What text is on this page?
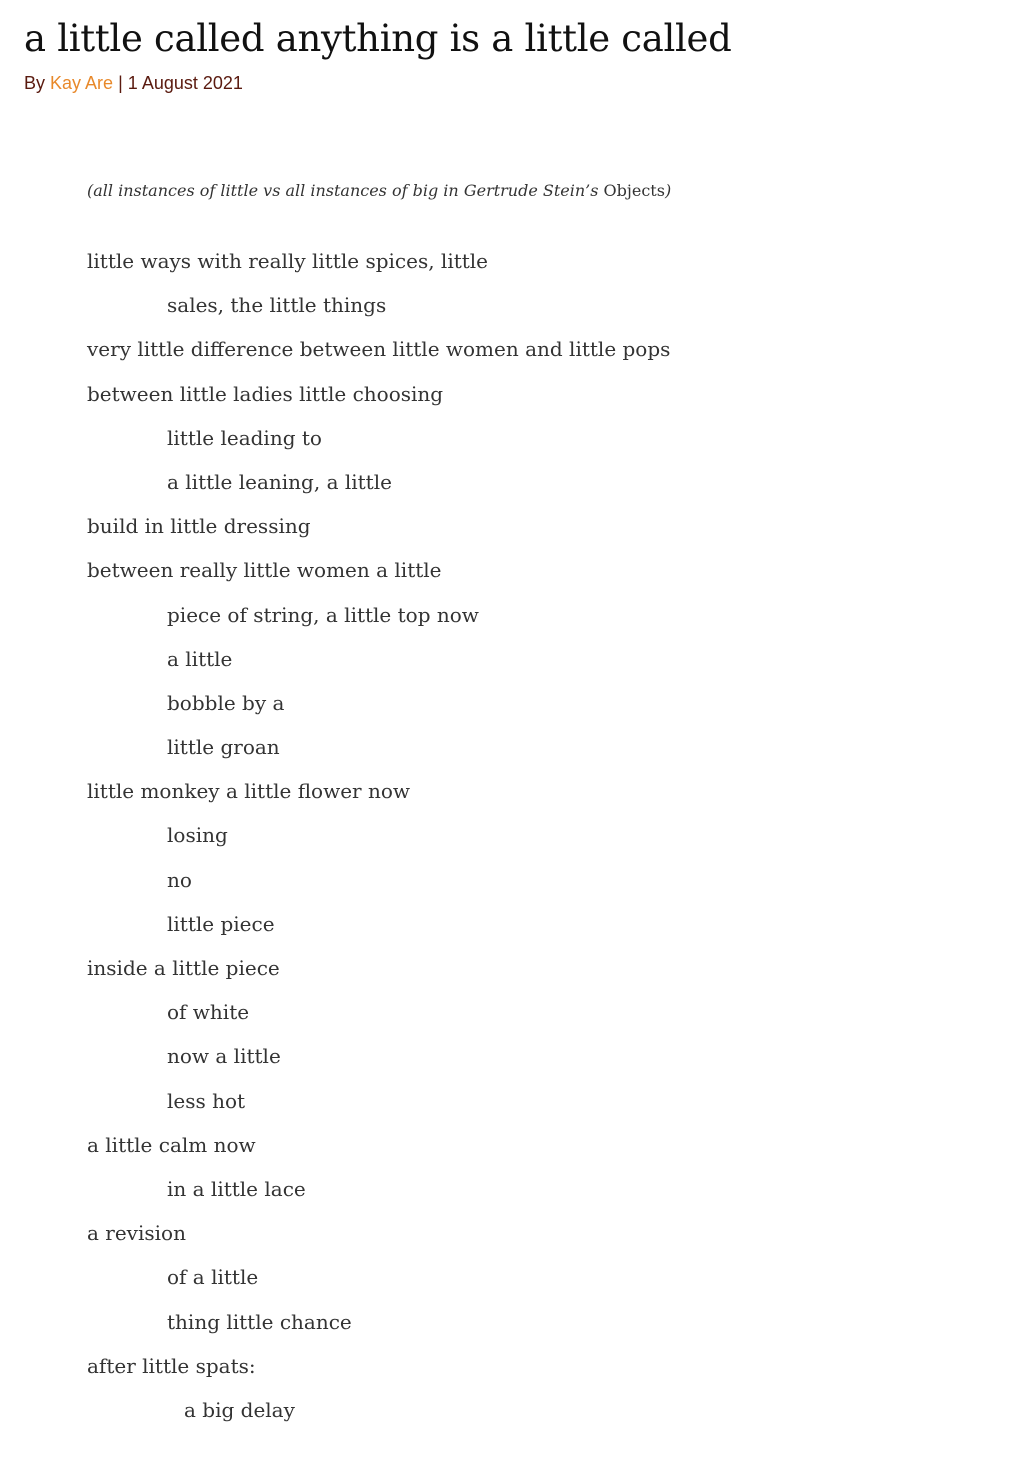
a little called anything is a little called
By Kay Are | 1 August 2021
(all instances of little vs all instances of big in Gertrude Stein’s Objects)
little ways with really little spices, little
sales, the little things
very little difference between little women and little pops
between little ladies little choosing
little leading to
a little leaning, a little
build in little dressing
between really little women a little
piece of string, a little top now
a little
bobble by a
little groan
little monkey a little flower now
losing
no
little piece
inside a little piece
of white
now a little
less hot
a little calm now
in a little lace
a revision
of a little
thing little chance
after little spats:
a big delay
